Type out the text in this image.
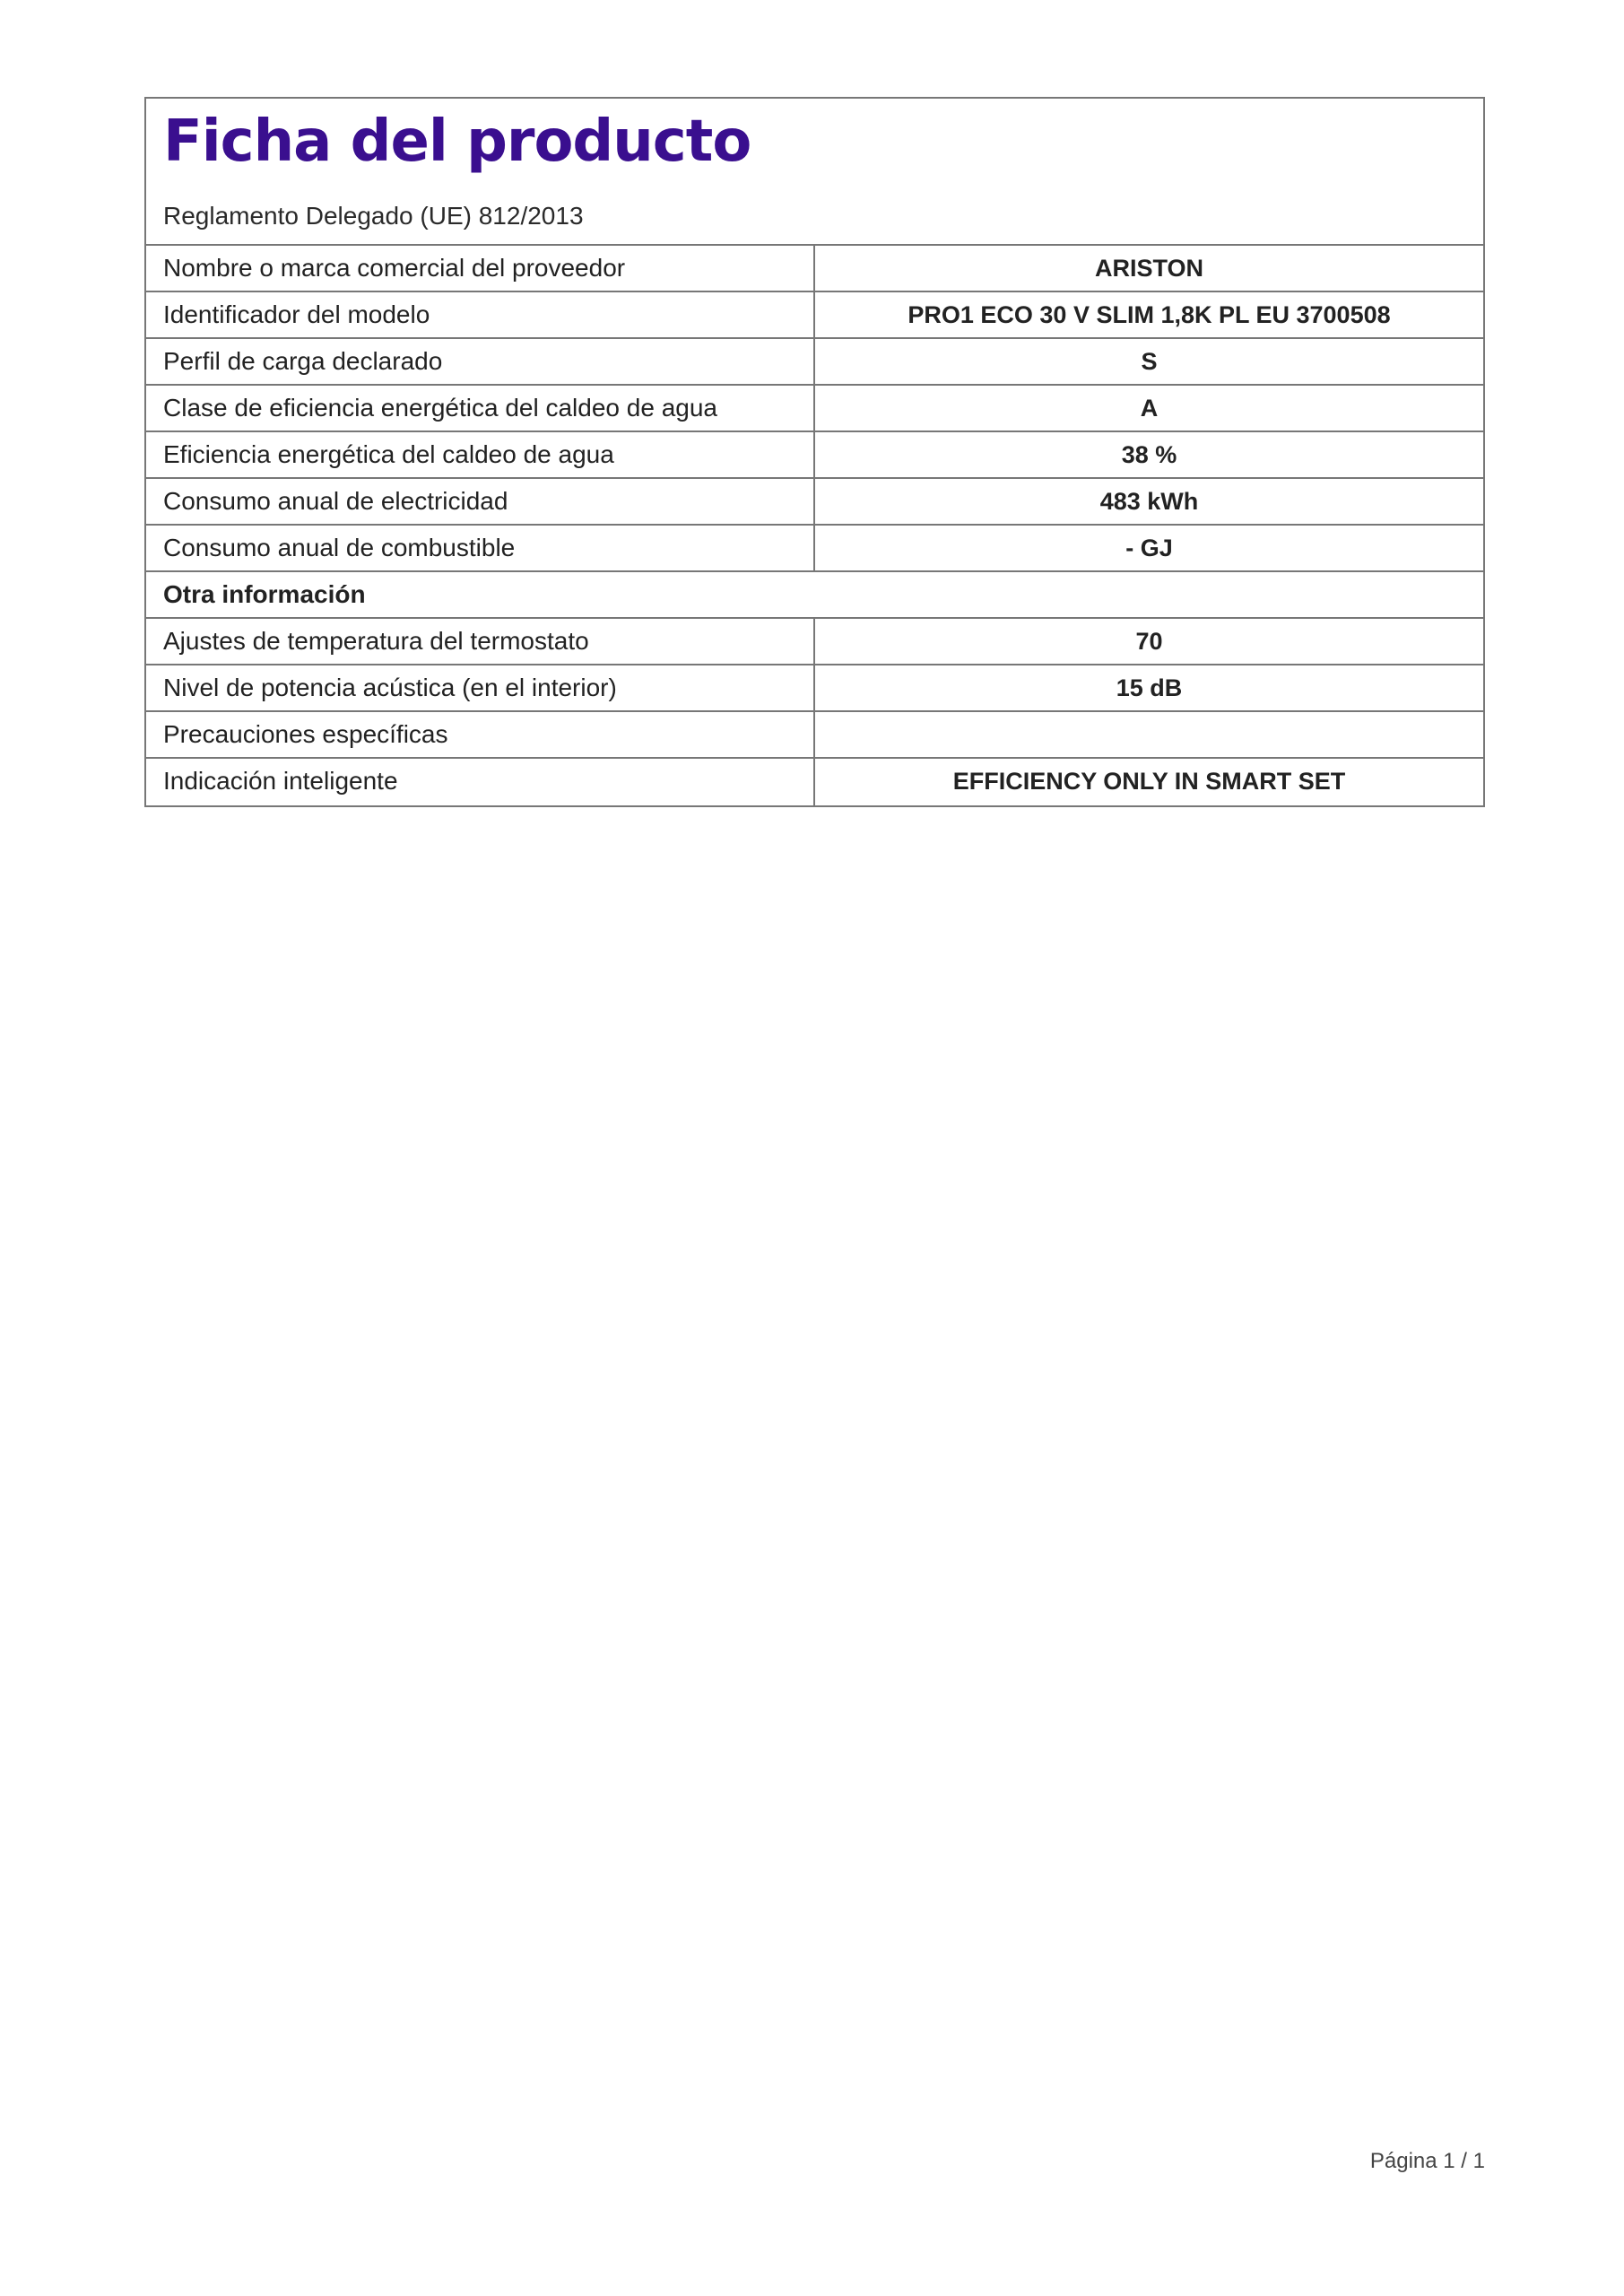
Ficha del producto
Reglamento Delegado (UE) 812/2013
Nombre o marca comercial del proveedor	ARISTON
Identificador del modelo	PRO1 ECO 30 V SLIM 1,8K PL EU 3700508
Perfil de carga declarado	S
Clase de eficiencia energética del caldeo de agua	A
Eficiencia energética del caldeo de agua	38 %
Consumo anual de electricidad	483 kWh
Consumo anual de combustible	- GJ
Otra información
Ajustes de temperatura del termostato	70
Nivel de potencia acústica (en el interior)	15 dB
Precauciones específicas
Indicación inteligente	EFFICIENCY ONLY IN SMART SET
Página 1 / 1
